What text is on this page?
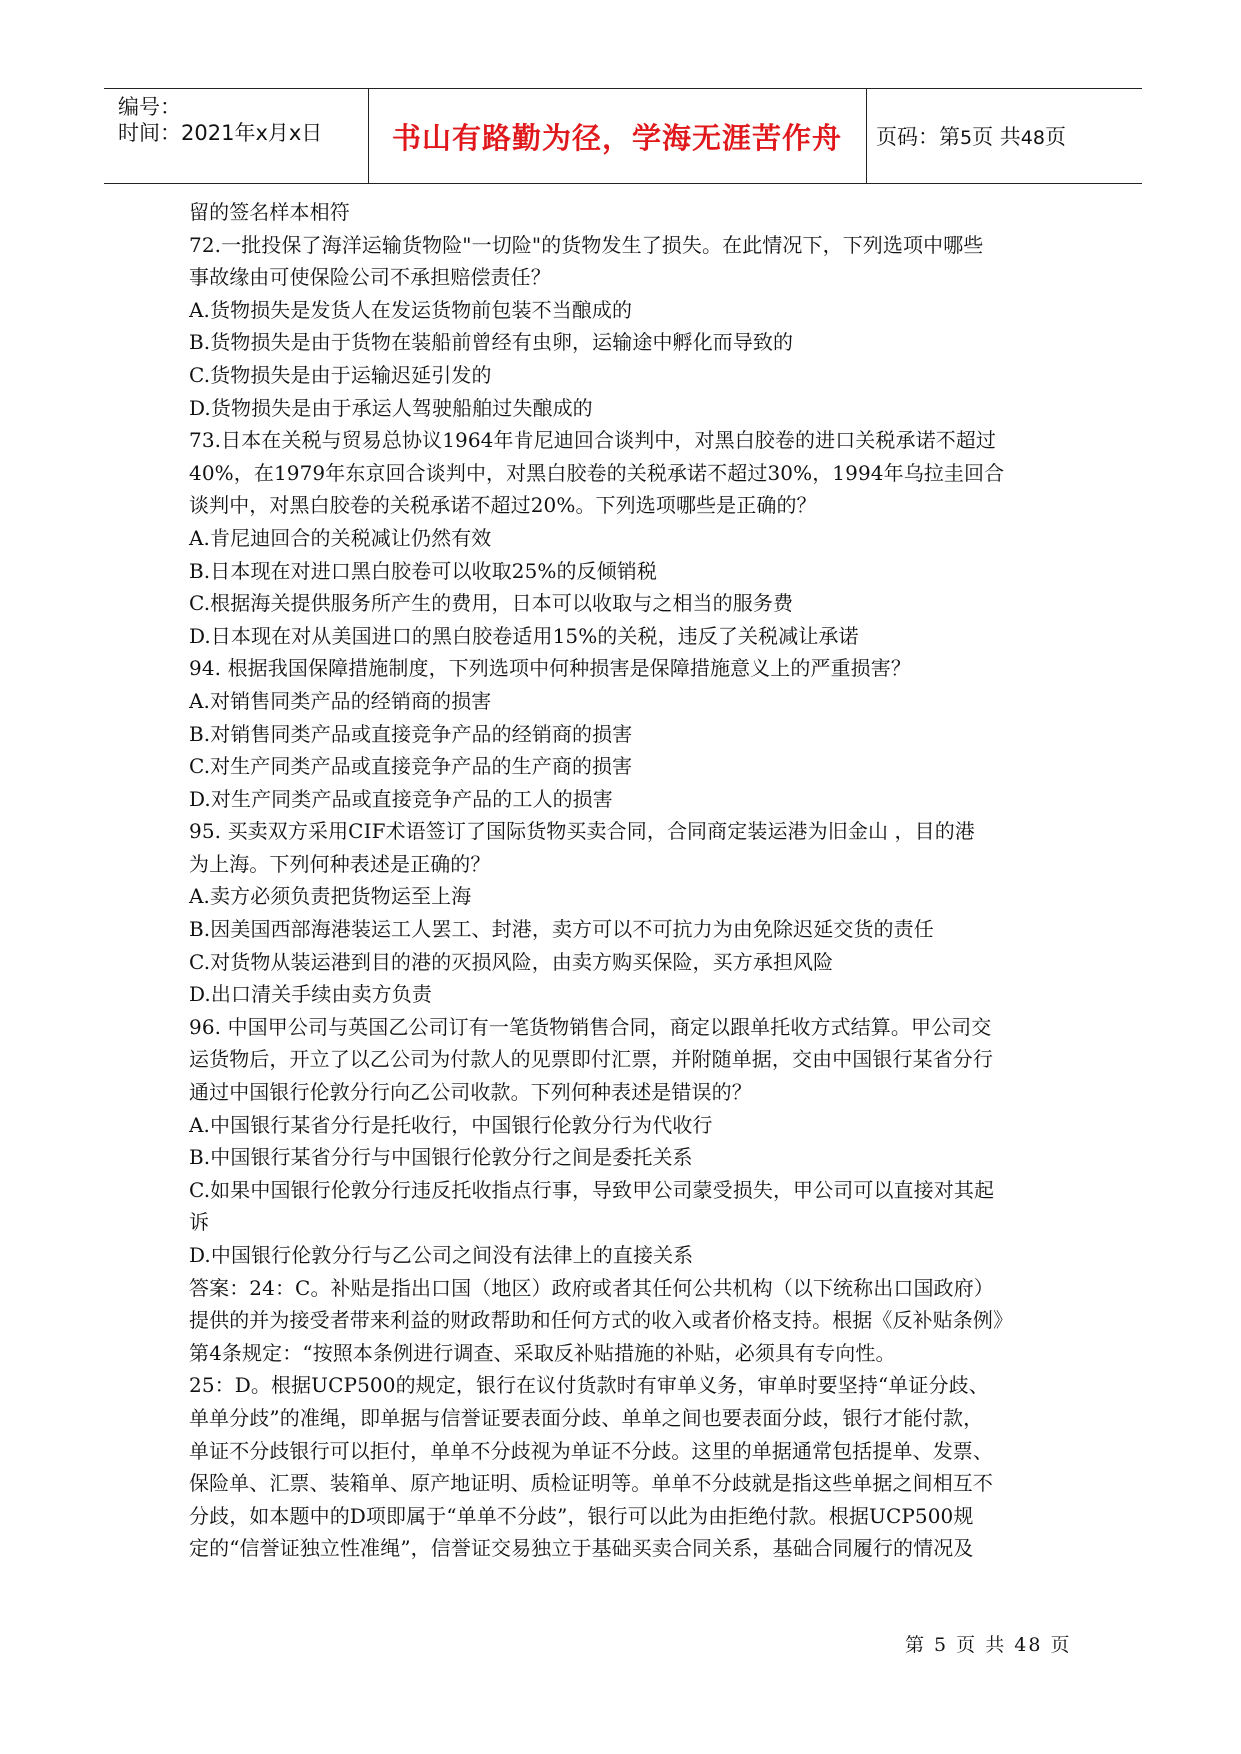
编号：
时间：2021年x月x日 书山有路勤为径，学海无涯苦作舟 页码：第5页 共48页
留的签名样本相符
72.一批投保了海洋运输货物险"一切险"的货物发生了损失。在此情况下，下列选项中哪些
事故缘由可使保险公司不承担赔偿责任？
A.货物损失是发货人在发运货物前包装不当酿成的
B.货物损失是由于货物在装船前曾经有虫卵，运输途中孵化而导致的
C.货物损失是由于运输迟延引发的
D.货物损失是由于承运人驾驶船舶过失酿成的
73.日本在关税与贸易总协议1964年肯尼迪回合谈判中，对黑白胶卷的进口关税承诺不超过
40%，在1979年东京回合谈判中，对黑白胶卷的关税承诺不超过30%，1994年乌拉圭回合
谈判中，对黑白胶卷的关税承诺不超过20%。下列选项哪些是正确的？
A.肯尼迪回合的关税减让仍然有效
B.日本现在对进口黑白胶卷可以收取25%的反倾销税
C.根据海关提供服务所产生的费用，日本可以收取与之相当的服务费
D.日本现在对从美国进口的黑白胶卷适用15%的关税，违反了关税减让承诺
94. 根据我国保障措施制度，下列选项中何种损害是保障措施意义上的严重损害？
A.对销售同类产品的经销商的损害
B.对销售同类产品或直接竞争产品的经销商的损害
C.对生产同类产品或直接竞争产品的生产商的损害
D.对生产同类产品或直接竞争产品的工人的损害
95. 买卖双方采用CIF术语签订了国际货物买卖合同，合同商定装运港为旧金山 ，目的港
为上海。下列何种表述是正确的？
A.卖方必须负责把货物运至上海
B.因美国西部海港装运工人罢工、封港，卖方可以不可抗力为由免除迟延交货的责任
C.对货物从装运港到目的港的灭损风险，由卖方购买保险，买方承担风险
D.出口清关手续由卖方负责
96. 中国甲公司与英国乙公司订有一笔货物销售合同，商定以跟单托收方式结算。甲公司交
运货物后，开立了以乙公司为付款人的见票即付汇票，并附随单据，交由中国银行某省分行
通过中国银行伦敦分行向乙公司收款。下列何种表述是错误的？
A.中国银行某省分行是托收行，中国银行伦敦分行为代收行
B.中国银行某省分行与中国银行伦敦分行之间是委托关系
C.如果中国银行伦敦分行违反托收指点行事，导致甲公司蒙受损失，甲公司可以直接对其起
诉
D.中国银行伦敦分行与乙公司之间没有法律上的直接关系
答案：24：C。补贴是指出口国（地区）政府或者其任何公共机构（以下统称出口国政府）
提供的并为接受者带来利益的财政帮助和任何方式的收入或者价格支持。根据《反补贴条例》
第4条规定：“按照本条例进行调查、采取反补贴措施的补贴，必须具有专向性。
25：D。根据UCP500的规定，银行在议付货款时有审单义务，审单时要坚持“单证分歧、
单单分歧”的准绳，即单据与信誉证要表面分歧、单单之间也要表面分歧，银行才能付款，
单证不分歧银行可以拒付，单单不分歧视为单证不分歧。这里的单据通常包括提单、发票、
保险单、汇票、装箱单、原产地证明、质检证明等。单单不分歧就是指这些单据之间相互不
分歧，如本题中的D项即属于“单单不分歧”，银行可以此为由拒绝付款。根据UCP500规
定的“信誉证独立性准绳”，信誉证交易独立于基础买卖合同关系，基础合同履行的情况及
第 5 页 共 48 页
